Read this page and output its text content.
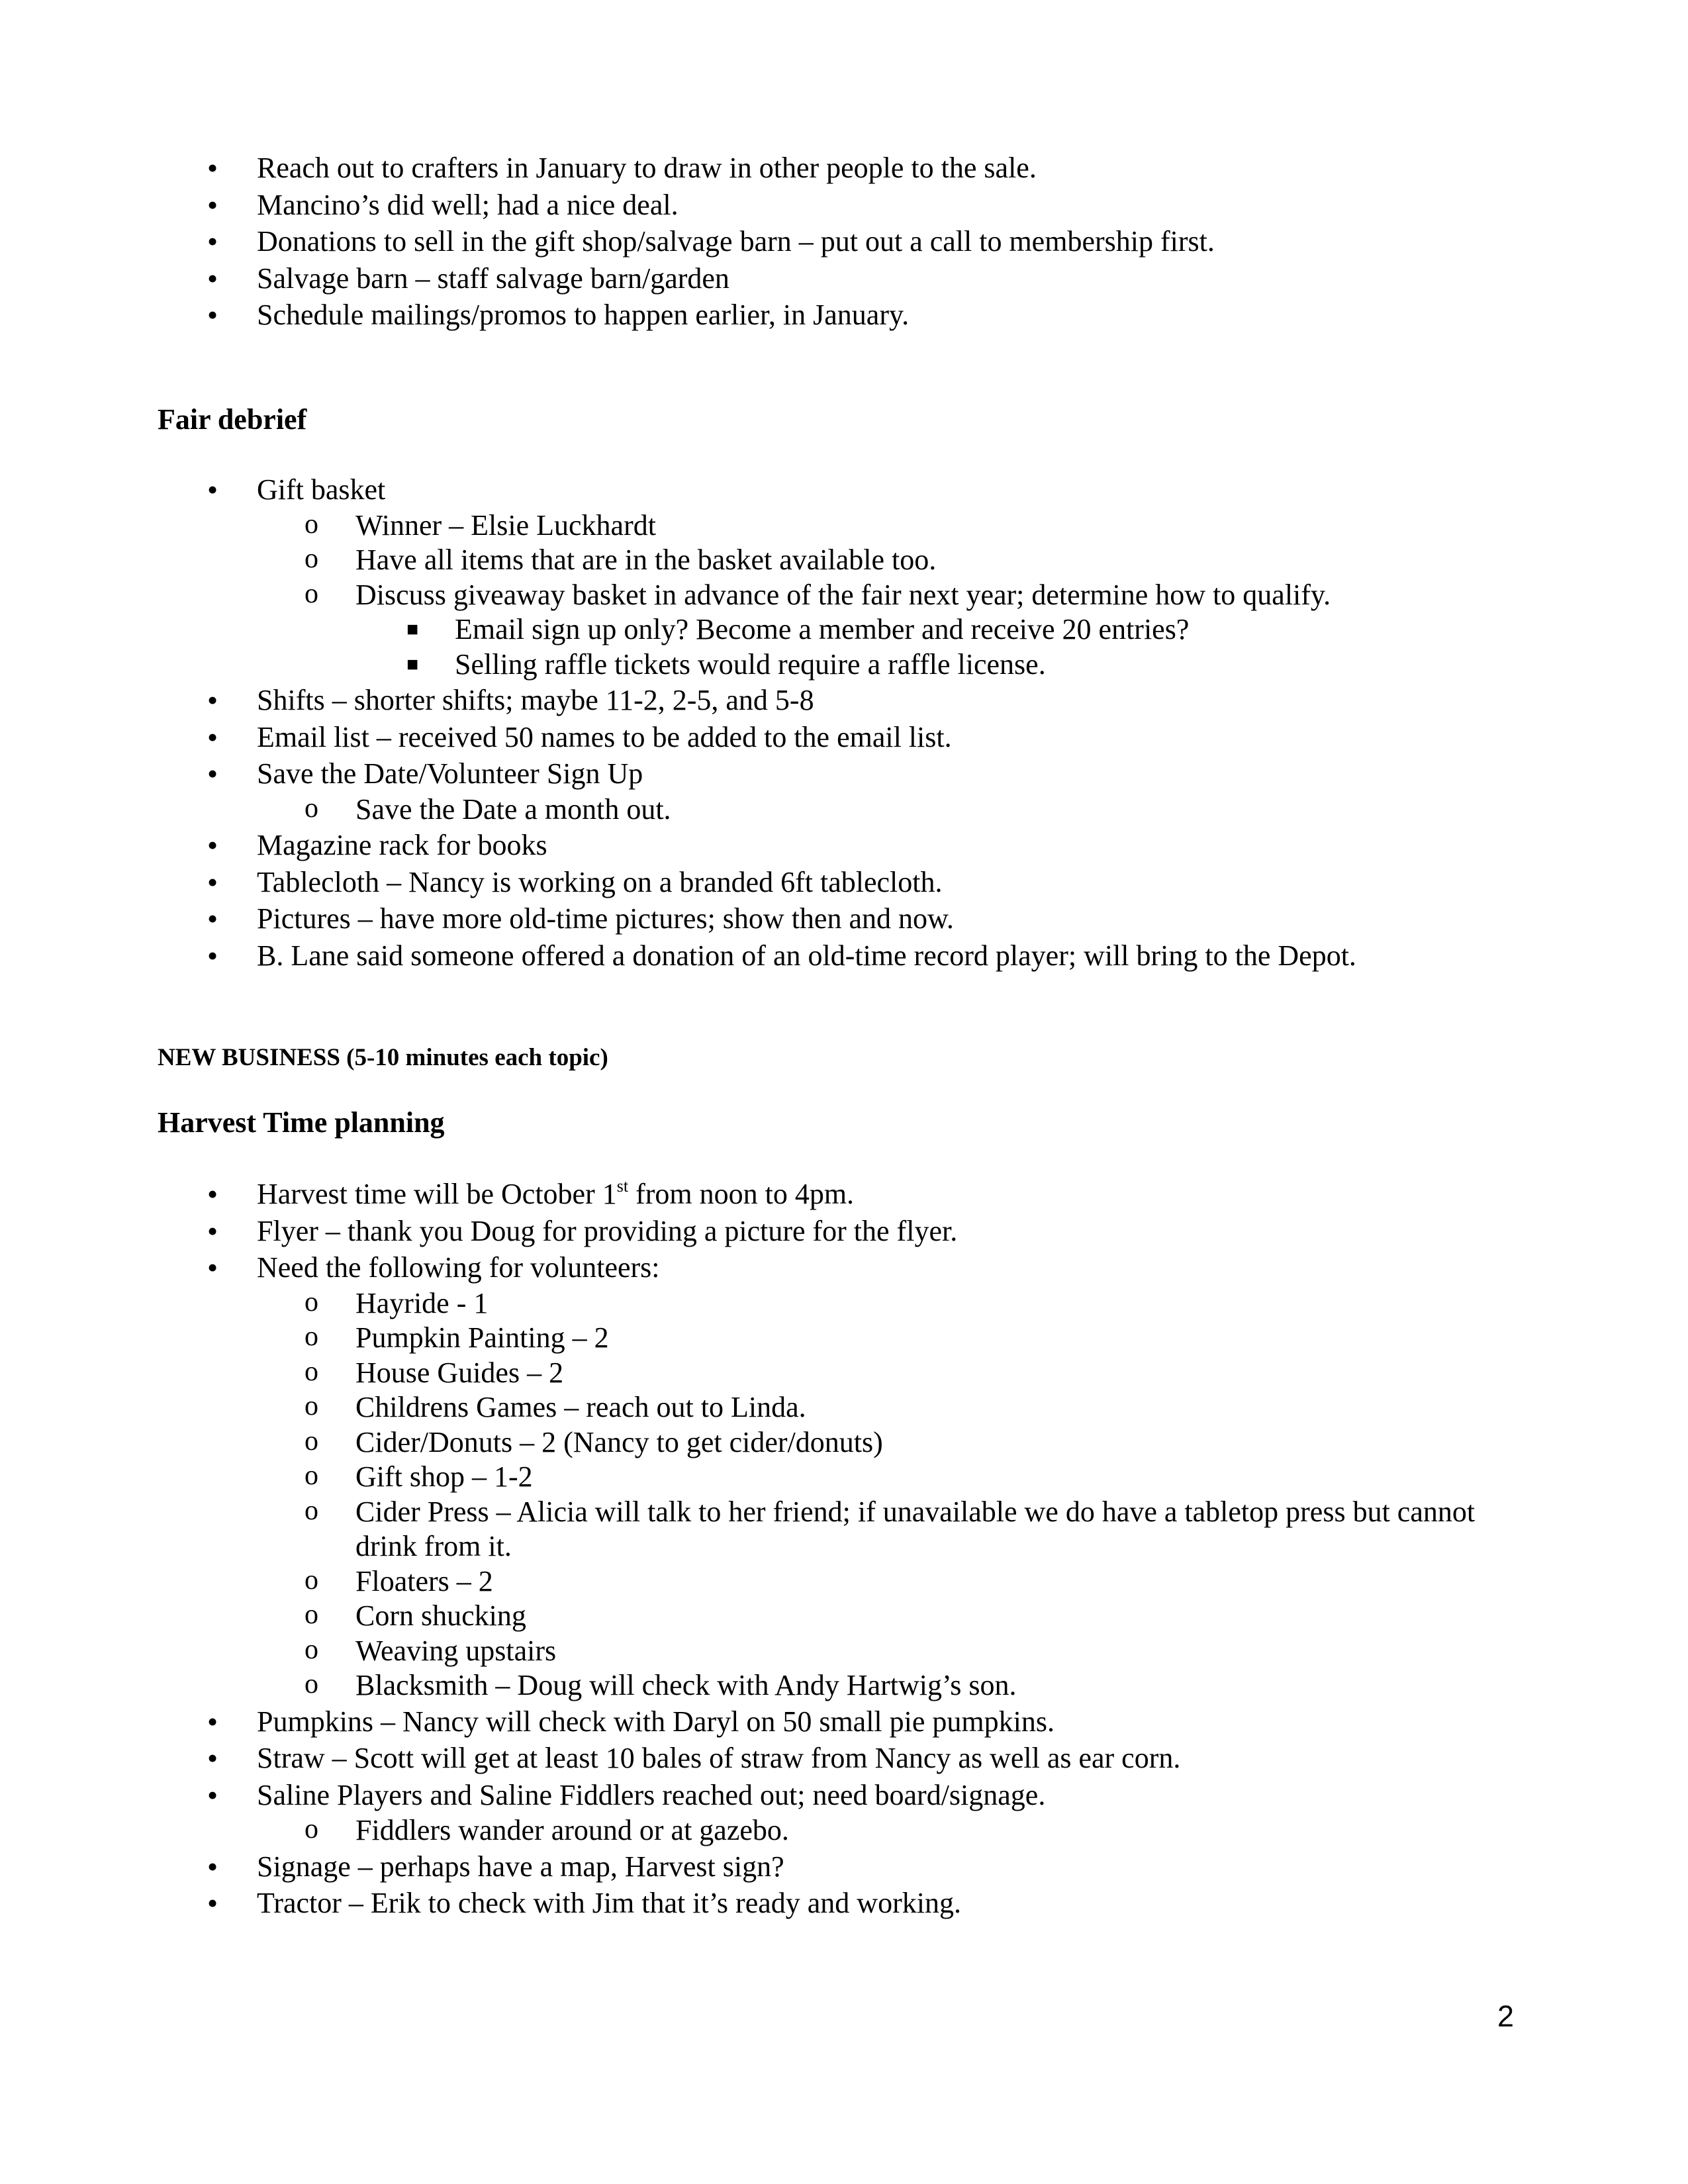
• Reach out to crafters in January to draw in other people to the sale.
• Mancino’s did well; had a nice deal.
• Donations to sell in the gift shop/salvage barn – put out a call to membership first.
• Salvage barn – staff salvage barn/garden
• Schedule mailings/promos to happen earlier, in January.
Fair debrief
• Gift basket
o Winner – Elsie Luckhardt
o Have all items that are in the basket available too.
o Discuss giveaway basket in advance of the fair next year; determine how to qualify.
■ Email sign up only? Become a member and receive 20 entries?
■ Selling raffle tickets would require a raffle license.
• Shifts – shorter shifts; maybe 11-2, 2-5, and 5-8
• Email list – received 50 names to be added to the email list.
• Save the Date/Volunteer Sign Up
o Save the Date a month out.
• Magazine rack for books
• Tablecloth – Nancy is working on a branded 6ft tablecloth.
• Pictures – have more old-time pictures; show then and now.
• B. Lane said someone offered a donation of an old-time record player; will bring to the Depot.
NEW BUSINESS (5-10 minutes each topic)
Harvest Time planning
• Harvest time will be October 1st from noon to 4pm.
• Flyer – thank you Doug for providing a picture for the flyer.
• Need the following for volunteers:
o Hayride - 1
o Pumpkin Painting – 2
o House Guides – 2
o Childrens Games – reach out to Linda.
o Cider/Donuts – 2 (Nancy to get cider/donuts)
o Gift shop – 1-2
o Cider Press – Alicia will talk to her friend; if unavailable we do have a tabletop press but cannot drink from it.
o Floaters – 2
o Corn shucking
o Weaving upstairs
o Blacksmith – Doug will check with Andy Hartwig’s son.
• Pumpkins – Nancy will check with Daryl on 50 small pie pumpkins.
• Straw – Scott will get at least 10 bales of straw from Nancy as well as ear corn.
• Saline Players and Saline Fiddlers reached out; need board/signage.
o Fiddlers wander around or at gazebo.
• Signage – perhaps have a map, Harvest sign?
• Tractor – Erik to check with Jim that it’s ready and working.
2
